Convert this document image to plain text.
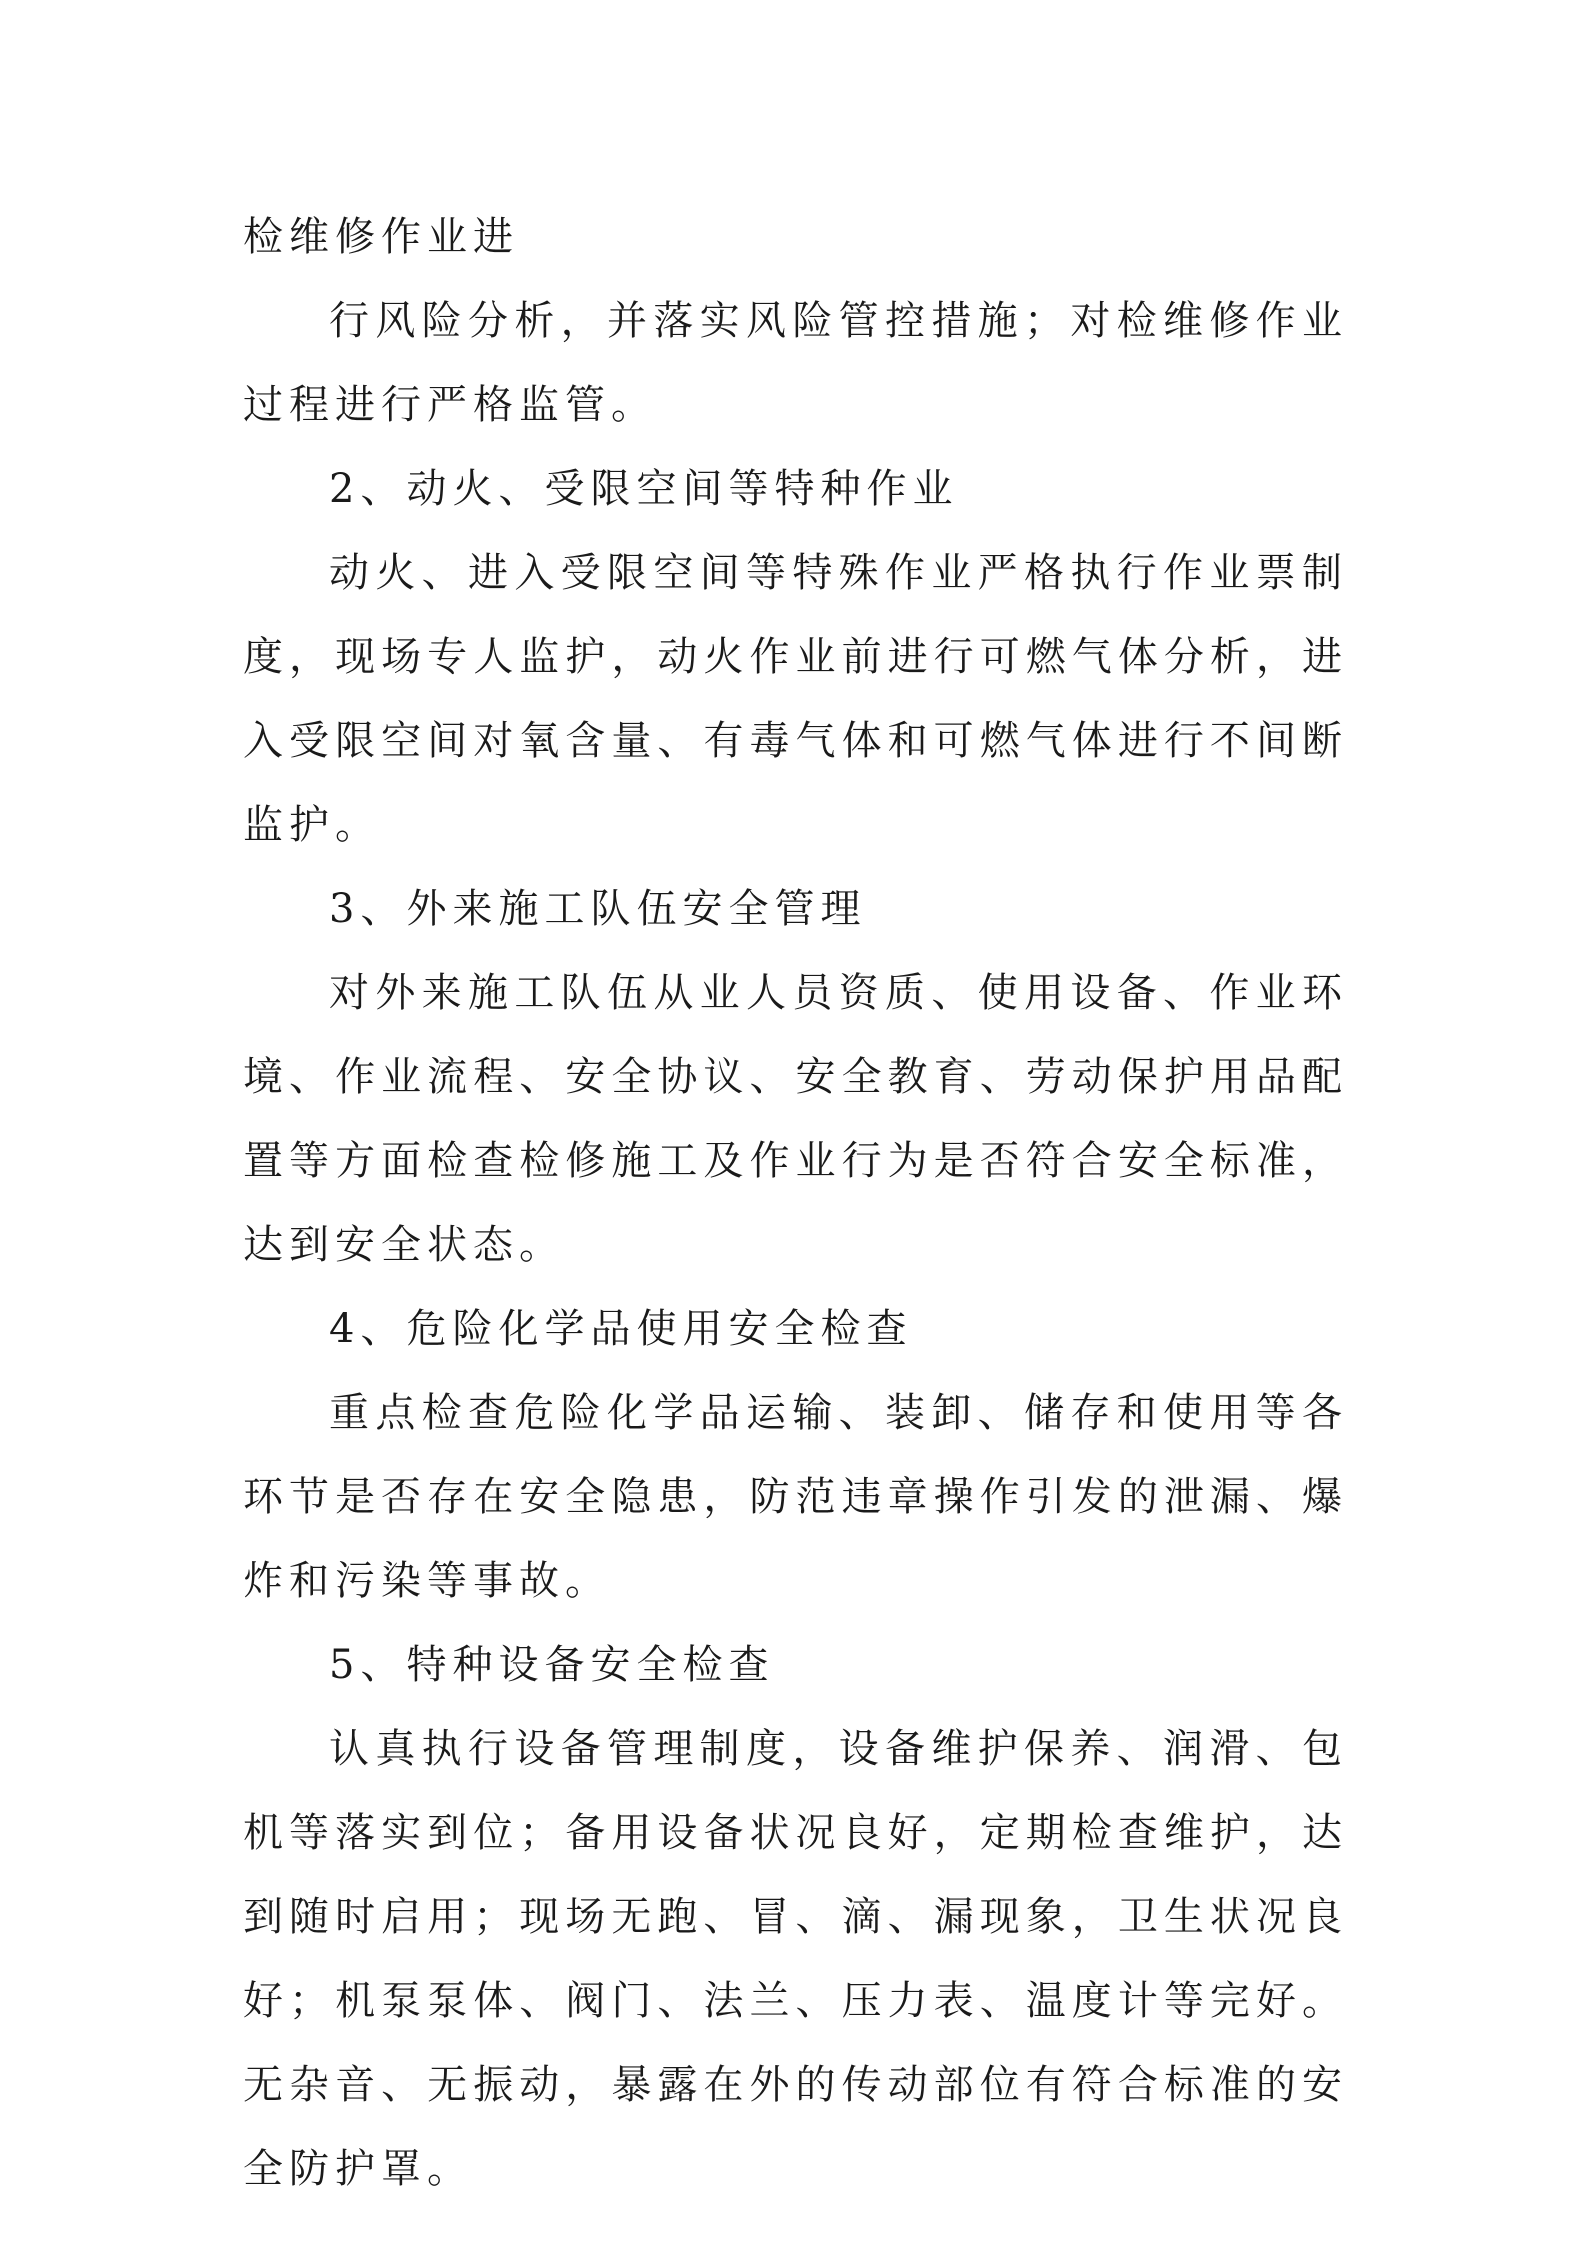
检维修作业进

行风险分析，并落实风险管控措施；对检维修作业过程进行严格监管。

2、动火、受限空间等特种作业

动火、进入受限空间等特殊作业严格执行作业票制度，现场专人监护，动火作业前进行可燃气体分析，进入受限空间对氧含量、有毒气体和可燃气体进行不间断监护。

3、外来施工队伍安全管理

对外来施工队伍从业人员资质、使用设备、作业环境、作业流程、安全协议、安全教育、劳动保护用品配置等方面检查检修施工及作业行为是否符合安全标准，达到安全状态。

4、危险化学品使用安全检查

重点检查危险化学品运输、装卸、储存和使用等各环节是否存在安全隐患，防范违章操作引发的泄漏、爆炸和污染等事故。

5、特种设备安全检查

认真执行设备管理制度，设备维护保养、润滑、包机等落实到位；备用设备状况良好，定期检查维护，达到随时启用；现场无跑、冒、滴、漏现象，卫生状况良好；机泵泵体、阀门、法兰、压力表、温度计等完好。无杂音、无振动，暴露在外的传动部位有符合标准的安全防护罩。
